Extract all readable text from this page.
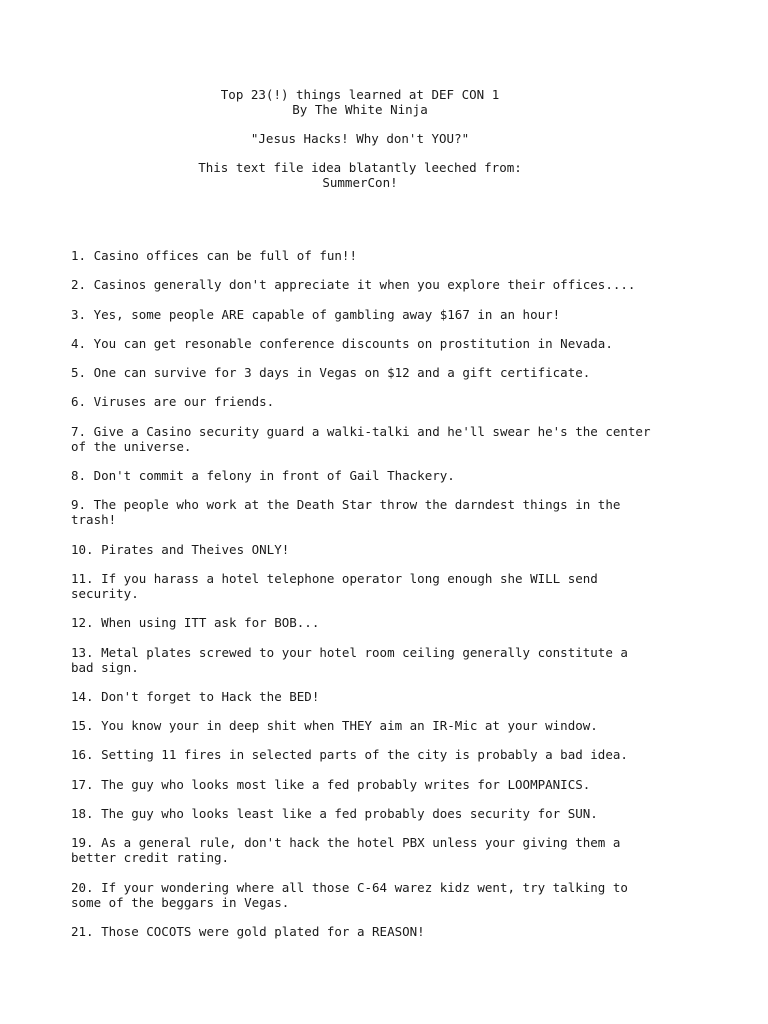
Top 23(!) things learned at DEF CON 1
By The White Ninja
"Jesus Hacks! Why don't YOU?"
This text file idea blatantly leeched from:
SummerCon!
1. Casino offices can be full of fun!!
2. Casinos generally don't appreciate it when you explore their offices....
3. Yes, some people ARE capable of gambling away $167 in an hour!
4. You can get resonable conference discounts on prostitution in Nevada.
5. One can survive for 3 days in Vegas on $12 and a gift certificate.
6. Viruses are our friends.
7. Give a Casino security guard a walki-talki and he'll swear he's the center
of the universe.
8. Don't commit a felony in front of Gail Thackery.
9. The people who work at the Death Star throw the darndest things in the
trash!
10. Pirates and Theives ONLY!
11. If you harass a hotel telephone operator long enough she WILL send
security.
12. When using ITT ask for BOB...
13. Metal plates screwed to your hotel room ceiling generally constitute a
bad sign.
14. Don't forget to Hack the BED!
15. You know your in deep shit when THEY aim an IR-Mic at your window.
16. Setting 11 fires in selected parts of the city is probably a bad idea.
17. The guy who looks most like a fed probably writes for LOOMPANICS.
18. The guy who looks least like a fed probably does security for SUN.
19. As a general rule, don't hack the hotel PBX unless your giving them a
better credit rating.
20. If your wondering where all those C-64 warez kidz went, try talking to
some of the beggars in Vegas.
21. Those COCOTS were gold plated for a REASON!
